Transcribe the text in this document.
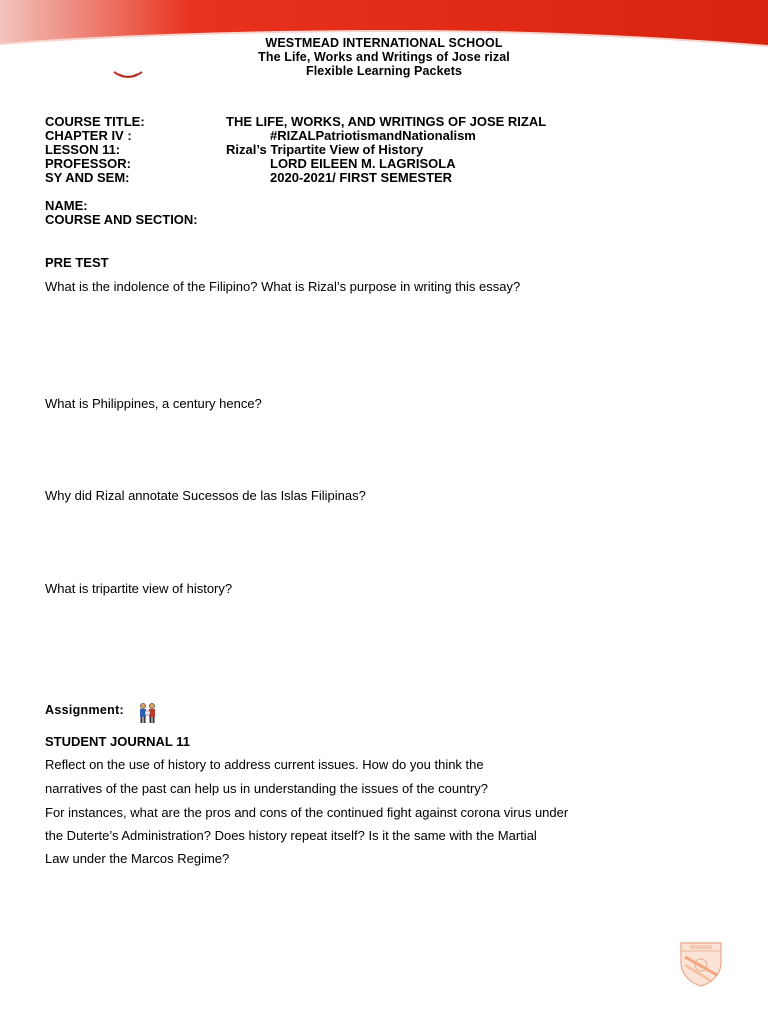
WESTMEAD INTERNATIONAL SCHOOL
The Life, Works and Writings of Jose rizal
Flexible Learning Packets
COURSE TITLE:	THE LIFE, WORKS, AND WRITINGS OF JOSE RIZAL
CHAPTER IV :	#RIZALPatriotismandNationalism
LESSON 11:	Rizal’s Tripartite View of History
PROFESSOR:	LORD EILEEN M. LAGRISOLA
SY AND SEM:	2020-2021/ FIRST SEMESTER
NAME:
COURSE AND SECTION:
PRE TEST
What is the indolence of the Filipino? What is Rizal’s purpose in writing this essay?
What is Philippines, a century hence?
Why did Rizal annotate Sucessos de las Islas Filipinas?
What is tripartite view of history?
Assignment:
STUDENT JOURNAL 11
Reflect on the use of history to address current issues. How do you think the
narratives of the past can help us in understanding the issues of the country?
For instances, what are the pros and cons of the continued fight against corona virus under
the Duterte’s Administration? Does history repeat itself? Is it the same with the Martial
Law under the Marcos Regime?
